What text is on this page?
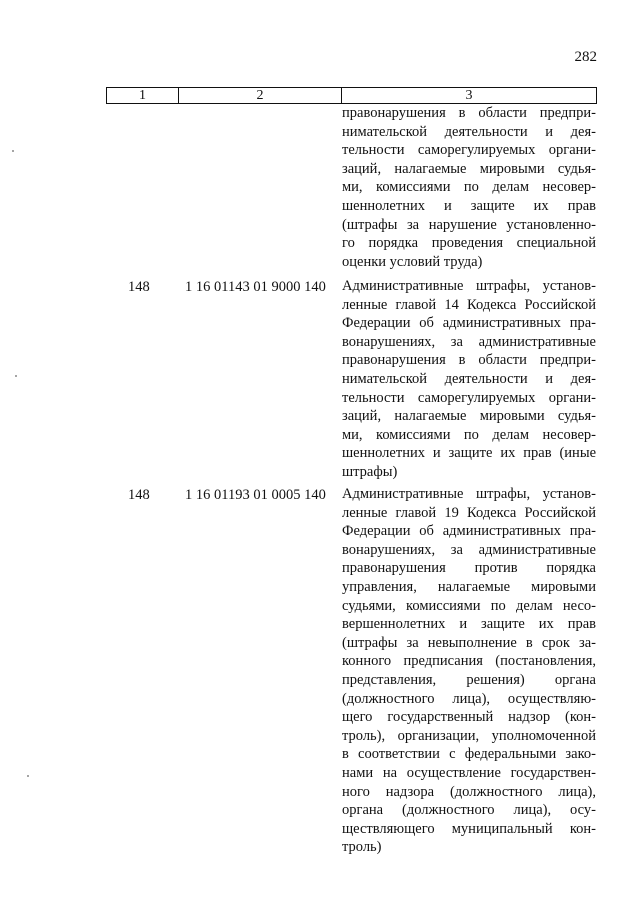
282
1	2	3
правонарушения в области предпри-
нимательской деятельности и дея-
тельности саморегулируемых органи-
заций, налагаемые мировыми судья-
ми, комиссиями по делам несовер-
шеннолетних и защите их прав
(штрафы за нарушение установленно-
го порядка проведения специальной
оценки условий труда)
148	1 16 01143 01 9000 140	Административные штрафы, установ-
ленные главой 14 Кодекса Российской
Федерации об административных пра-
вонарушениях, за административные
правонарушения в области предпри-
нимательской деятельности и дея-
тельности саморегулируемых органи-
заций, налагаемые мировыми судья-
ми, комиссиями по делам несовер-
шеннолетних и защите их прав (иные
штрафы)
148	1 16 01193 01 0005 140	Административные штрафы, установ-
ленные главой 19 Кодекса Российской
Федерации об административных пра-
вонарушениях, за административные
правонарушения против порядка
управления, налагаемые мировыми
судьями, комиссиями по делам несо-
вершеннолетних и защите их прав
(штрафы за невыполнение в срок за-
конного предписания (постановления,
представления, решения) органа
(должностного лица), осуществляю-
щего государственный надзор (кон-
троль), организации, уполномоченной
в соответствии с федеральными зако-
нами на осуществление государствен-
ного надзора (должностного лица),
органа (должностного лица), осу-
ществляющего муниципальный кон-
троль)
